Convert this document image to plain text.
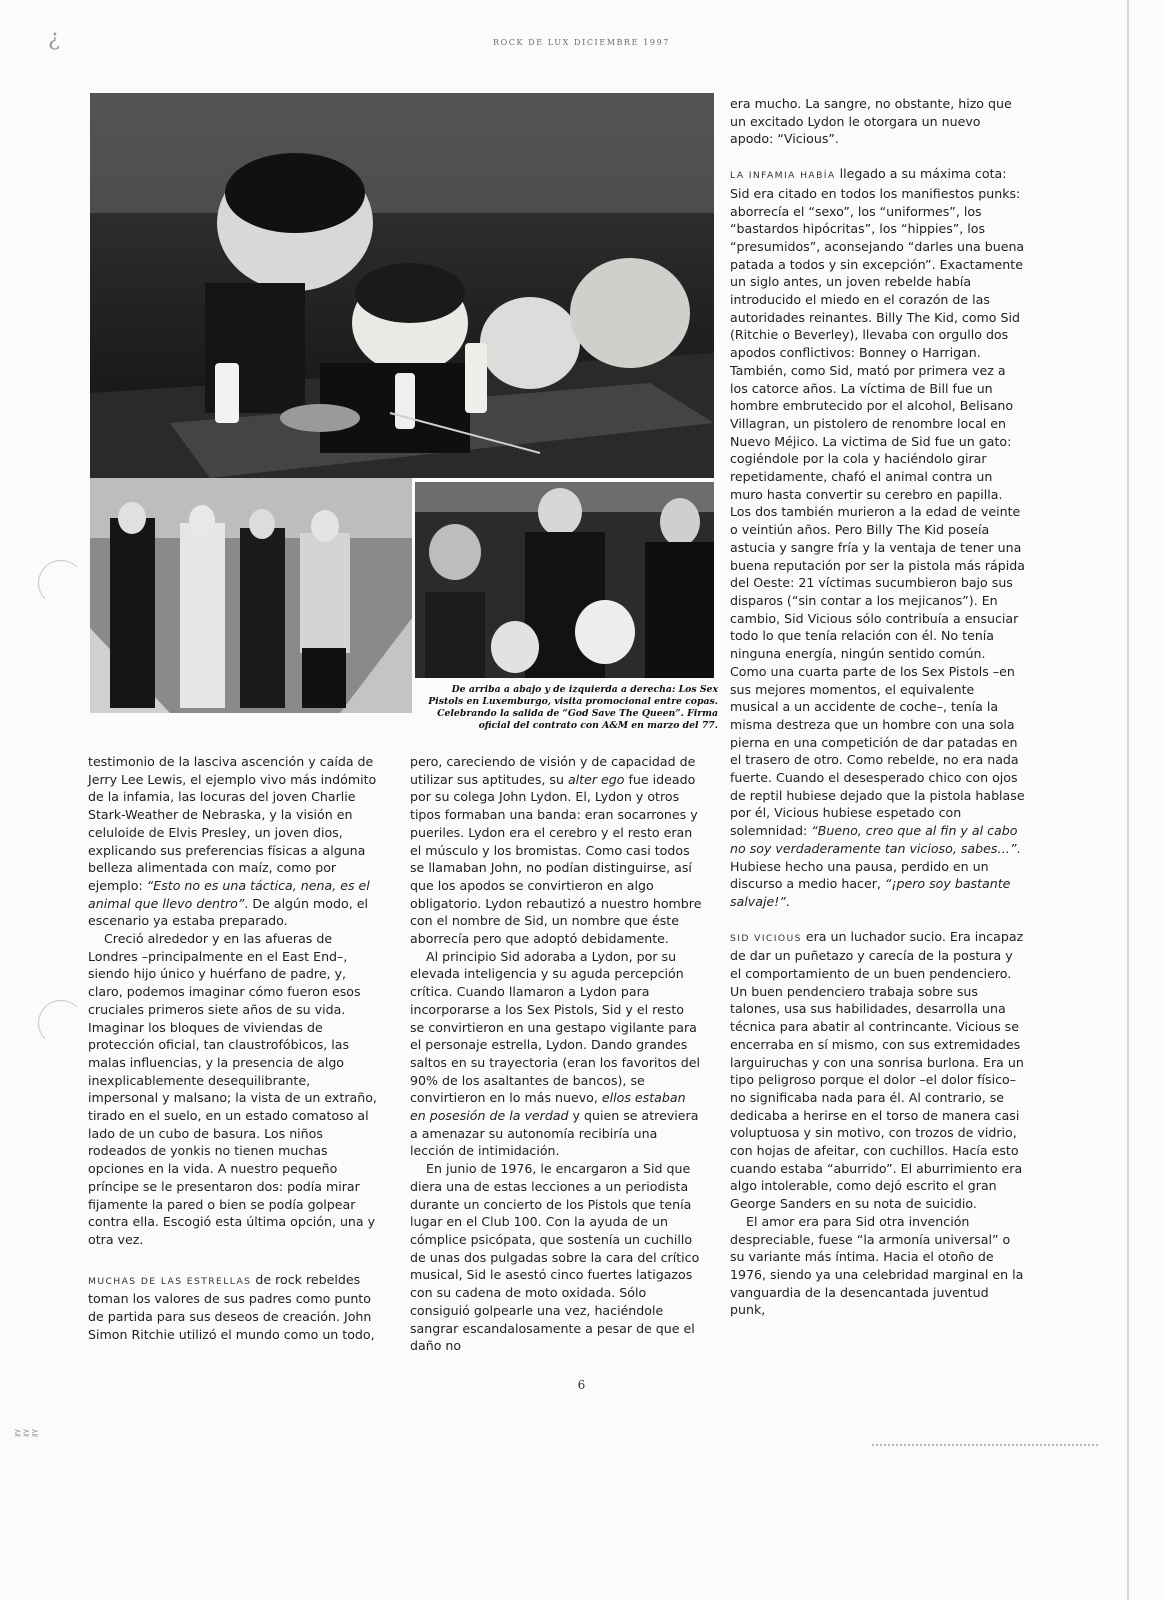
¿
⪸⪸⪸
ROCK DE LUX DICIEMBRE 1997
De arriba a abajo y de izquierda a derecha: Los Sex Pistols en Luxemburgo, visita promocional entre copas. Celebrando la salida de “God Save The Queen”. Firma oficial del contrato con A&M en marzo del 77.

testimonio de la lasciva ascención y caída de Jerry Lee Lewis, el ejemplo vivo más indómito de la infamia, las locuras del joven Charlie Stark-Weather de Nebraska, y la visión en celuloide de Elvis Presley, un joven dios, explicando sus preferencias físicas a alguna belleza alimentada con maíz, como por ejemplo: “Esto no es una táctica, nena, es el animal que llevo dentro”. De algún modo, el escenario ya estaba preparado.

Creció alrededor y en las afueras de Londres –principalmente en el East End–, siendo hijo único y huérfano de padre, y, claro, podemos imaginar cómo fueron esos cruciales primeros siete años de su vida. Imaginar los bloques de viviendas de protección oficial, tan claustrofóbicos, las malas influencias, y la presencia de algo inexplicablemente desequilibrante, impersonal y malsano; la vista de un extraño, tirado en el suelo, en un estado comatoso al lado de un cubo de basura. Los niños rodeados de yonkis no tienen muchas opciones en la vida. A nuestro pequeño príncipe se le presentaron dos: podía mirar fijamente la pared o bien se podía golpear contra ella. Escogió esta última opción, una y otra vez.

MUCHAS DE LAS ESTRELLAS de rock rebeldes toman los valores de sus padres como punto de partida para sus deseos de creación. John Simon Ritchie utilizó el mundo como un todo,

pero, careciendo de visión y de capacidad de utilizar sus aptitudes, su alter ego fue ideado por su colega John Lydon. El, Lydon y otros tipos formaban una banda: eran socarrones y pueriles. Lydon era el cerebro y el resto eran el músculo y los bromistas. Como casi todos se llamaban John, no podían distinguirse, así que los apodos se convirtieron en algo obligatorio. Lydon rebautizó a nuestro hombre con el nombre de Sid, un nombre que éste aborrecía pero que adoptó debidamente.

Al principio Sid adoraba a Lydon, por su elevada inteligencia y su aguda percepción crítica. Cuando llamaron a Lydon para incorporarse a los Sex Pistols, Sid y el resto se convirtieron en una gestapo vigilante para el personaje estrella, Lydon. Dando grandes saltos en su trayectoria (eran los favoritos del 90% de los asaltantes de bancos), se convirtieron en lo más nuevo, ellos estaban en posesión de la verdad y quien se atreviera a amenazar su autonomía recibiría una lección de intimidación.

En junio de 1976, le encargaron a Sid que diera una de estas lecciones a un periodista durante un concierto de los Pistols que tenía lugar en el Club 100. Con la ayuda de un cómplice psicópata, que sostenía un cuchillo de unas dos pulgadas sobre la cara del crítico musical, Sid le asestó cinco fuertes latigazos con su cadena de moto oxidada. Sólo consiguió golpearle una vez, haciéndole sangrar escandalosamente a pesar de que el daño no

era mucho. La sangre, no obstante, hizo que un excitado Lydon le otorgara un nuevo apodo: “Vicious”.

LA INFAMIA HABÍA llegado a su máxima cota: Sid era citado en todos los manifiestos punks: aborrecía el “sexo”, los “uniformes”, los “bastardos hipócritas”, los “hippies”, los “presumidos”, aconsejando “darles una buena patada a todos y sin excepción”. Exactamente un siglo antes, un joven rebelde había introducido el miedo en el corazón de las autoridades reinantes. Billy The Kid, como Sid (Ritchie o Beverley), llevaba con orgullo dos apodos conflictivos: Bonney o Harrigan. También, como Sid, mató por primera vez a los catorce años. La víctima de Bill fue un hombre embrutecido por el alcohol, Belisano Villagran, un pistolero de renombre local en Nuevo Méjico. La victima de Sid fue un gato: cogiéndole por la cola y haciéndolo girar repetidamente, chafó el animal contra un muro hasta convertir su cerebro en papilla. Los dos también murieron a la edad de veinte o veintiún años. Pero Billy The Kid poseía astucia y sangre fría y la ventaja de tener una buena reputación por ser la pistola más rápida del Oeste: 21 víctimas sucumbieron bajo sus disparos (“sin contar a los mejicanos”). En cambio, Sid Vicious sólo contribuía a ensuciar todo lo que tenía relación con él. No tenía ninguna energía, ningún sentido común. Como una cuarta parte de los Sex Pistols –en sus mejores momentos, el equivalente musical a un accidente de coche–, tenía la misma destreza que un hombre con una sola pierna en una competición de dar patadas en el trasero de otro. Como rebelde, no era nada fuerte. Cuando el desesperado chico con ojos de reptil hubiese dejado que la pistola hablase por él, Vicious hubiese espetado con solemnidad: “Bueno, creo que al fin y al cabo no soy verdaderamente tan vicioso, sabes…”. Hubiese hecho una pausa, perdido en un discurso a medio hacer, “¡pero soy bastante salvaje!”.

SID VICIOUS era un luchador sucio. Era incapaz de dar un puñetazo y carecía de la postura y el comportamiento de un buen pendenciero. Un buen pendenciero trabaja sobre sus talones, usa sus habilidades, desarrolla una técnica para abatir al contrincante. Vicious se encerraba en sí mismo, con sus extremidades larguiruchas y con una sonrisa burlona. Era un tipo peligroso porque el dolor –el dolor físico– no significaba nada para él. Al contrario, se dedicaba a herirse en el torso de manera casi voluptuosa y sin motivo, con trozos de vidrio, con hojas de afeitar, con cuchillos. Hacía esto cuando estaba “aburrido”. El aburrimiento era algo intolerable, como dejó escrito el gran George Sanders en su nota de suicidio.

El amor era para Sid otra invención despreciable, fuese “la armonía universal” o su variante más íntima. Hacia el otoño de 1976, siendo ya una celebridad marginal en la vanguardia de la desencantada juventud punk,

6
